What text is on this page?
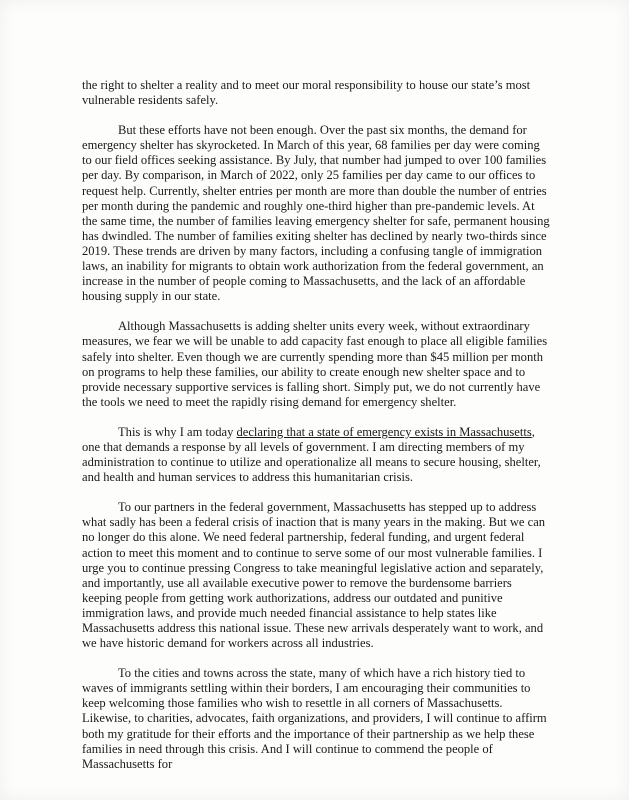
the right to shelter a reality and to meet our moral responsibility to house our state’s most vulnerable residents safely.

But these efforts have not been enough. Over the past six months, the demand for emergency shelter has skyrocketed. In March of this year, 68 families per day were coming to our field offices seeking assistance. By July, that number had jumped to over 100 families per day. By comparison, in March of 2022, only 25 families per day came to our offices to request help. Currently, shelter entries per month are more than double the number of entries per month during the pandemic and roughly one-third higher than pre-pandemic levels. At the same time, the number of families leaving emergency shelter for safe, permanent housing has dwindled. The number of families exiting shelter has declined by nearly two-thirds since 2019. These trends are driven by many factors, including a confusing tangle of immigration laws, an inability for migrants to obtain work authorization from the federal government, an increase in the number of people coming to Massachusetts, and the lack of an affordable housing supply in our state.

Although Massachusetts is adding shelter units every week, without extraordinary measures, we fear we will be unable to add capacity fast enough to place all eligible families safely into shelter. Even though we are currently spending more than $45 million per month on programs to help these families, our ability to create enough new shelter space and to provide necessary supportive services is falling short. Simply put, we do not currently have the tools we need to meet the rapidly rising demand for emergency shelter.

This is why I am today declaring that a state of emergency exists in Massachusetts, one that demands a response by all levels of government. I am directing members of my administration to continue to utilize and operationalize all means to secure housing, shelter, and health and human services to address this humanitarian crisis.

To our partners in the federal government, Massachusetts has stepped up to address what sadly has been a federal crisis of inaction that is many years in the making. But we can no longer do this alone. We need federal partnership, federal funding, and urgent federal action to meet this moment and to continue to serve some of our most vulnerable families. I urge you to continue pressing Congress to take meaningful legislative action and separately, and importantly, use all available executive power to remove the burdensome barriers keeping people from getting work authorizations, address our outdated and punitive immigration laws, and provide much needed financial assistance to help states like Massachusetts address this national issue. These new arrivals desperately want to work, and we have historic demand for workers across all industries.

To the cities and towns across the state, many of which have a rich history tied to waves of immigrants settling within their borders, I am encouraging their communities to keep welcoming those families who wish to resettle in all corners of Massachusetts. Likewise, to charities, advocates, faith organizations, and providers, I will continue to affirm both my gratitude for their efforts and the importance of their partnership as we help these families in need through this crisis. And I will continue to commend the people of Massachusetts for
